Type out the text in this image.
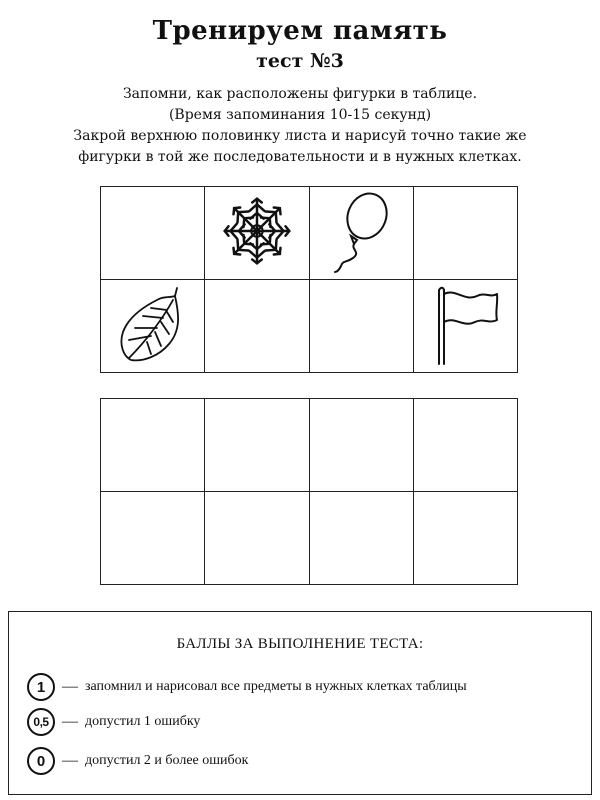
Тренируем память
тест №3
Запомни, как расположены фигурки в таблице.
(Время запоминания 10-15 секунд)
Закрой верхнюю половинку листа и нарисуй точно такие же
фигурки в той же последовательности и в нужных клетках.

БАЛЛЫ ЗА ВЫПОЛНЕНИЕ ТЕСТА:
1	— запомнил и нарисовал все предметы в нужных клетках таблицы
0,5 — допустил 1 ошибку
0	— допустил 2 и более ошибок
